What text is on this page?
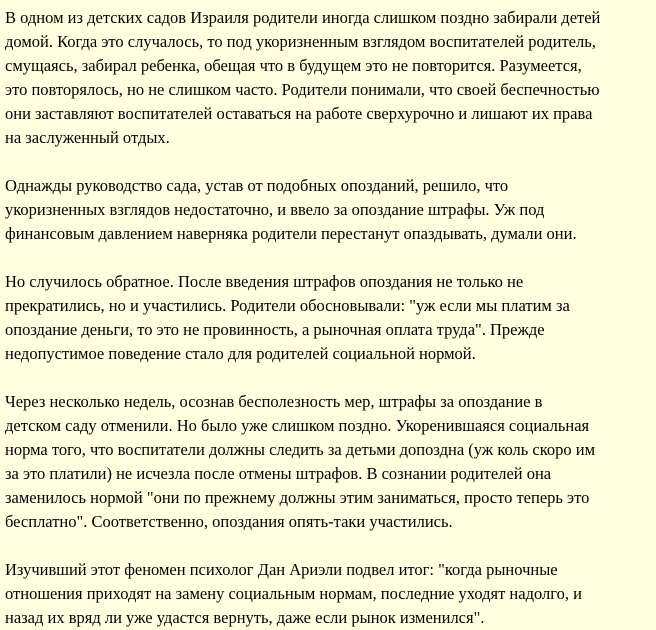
В одном из детских садов Израиля родители иногда слишком поздно забирали детей
домой. Когда это случалось, то под укоризненным взглядом воспитателей родитель,
смущаясь, забирал ребенка, обещая что в будущем это не повторится. Разумеется,
это повторялось, но не слишком часто. Родители понимали, что своей беспечностью
они заставляют воспитателей оставаться на работе сверхурочно и лишают их права
на заслуженный отдых.

Однажды руководство сада, устав от подобных опозданий, решило, что
укоризненных взглядов недостаточно, и ввело за опоздание штрафы. Уж под
финансовым давлением наверняка родители перестанут опаздывать, думали они.

Но случилось обратное. После введения штрафов опоздания не только не
прекратились, но и участились. Родители обосновывали: "уж если мы платим за
опоздание деньги, то это не провинность, а рыночная оплата труда". Прежде
недопустимое поведение стало для родителей социальной нормой.

Через несколько недель, осознав бесполезность мер, штрафы за опоздание в
детском саду отменили. Но было уже слишком поздно. Укоренившаяся социальная
норма того, что воспитатели должны следить за детьми допоздна (уж коль скоро им
за это платили) не исчезла после отмены штрафов. В сознании родителей она
заменилось нормой "они по прежнему должны этим заниматься, просто теперь это
бесплатно". Соответственно, опоздания опять-таки участились.

Изучивший этот феномен психолог Дан Ариэли подвел итог: "когда рыночные
отношения приходят на замену социальным нормам, последние уходят надолго, и
назад их вряд ли уже удастся вернуть, даже если рынок изменился".
